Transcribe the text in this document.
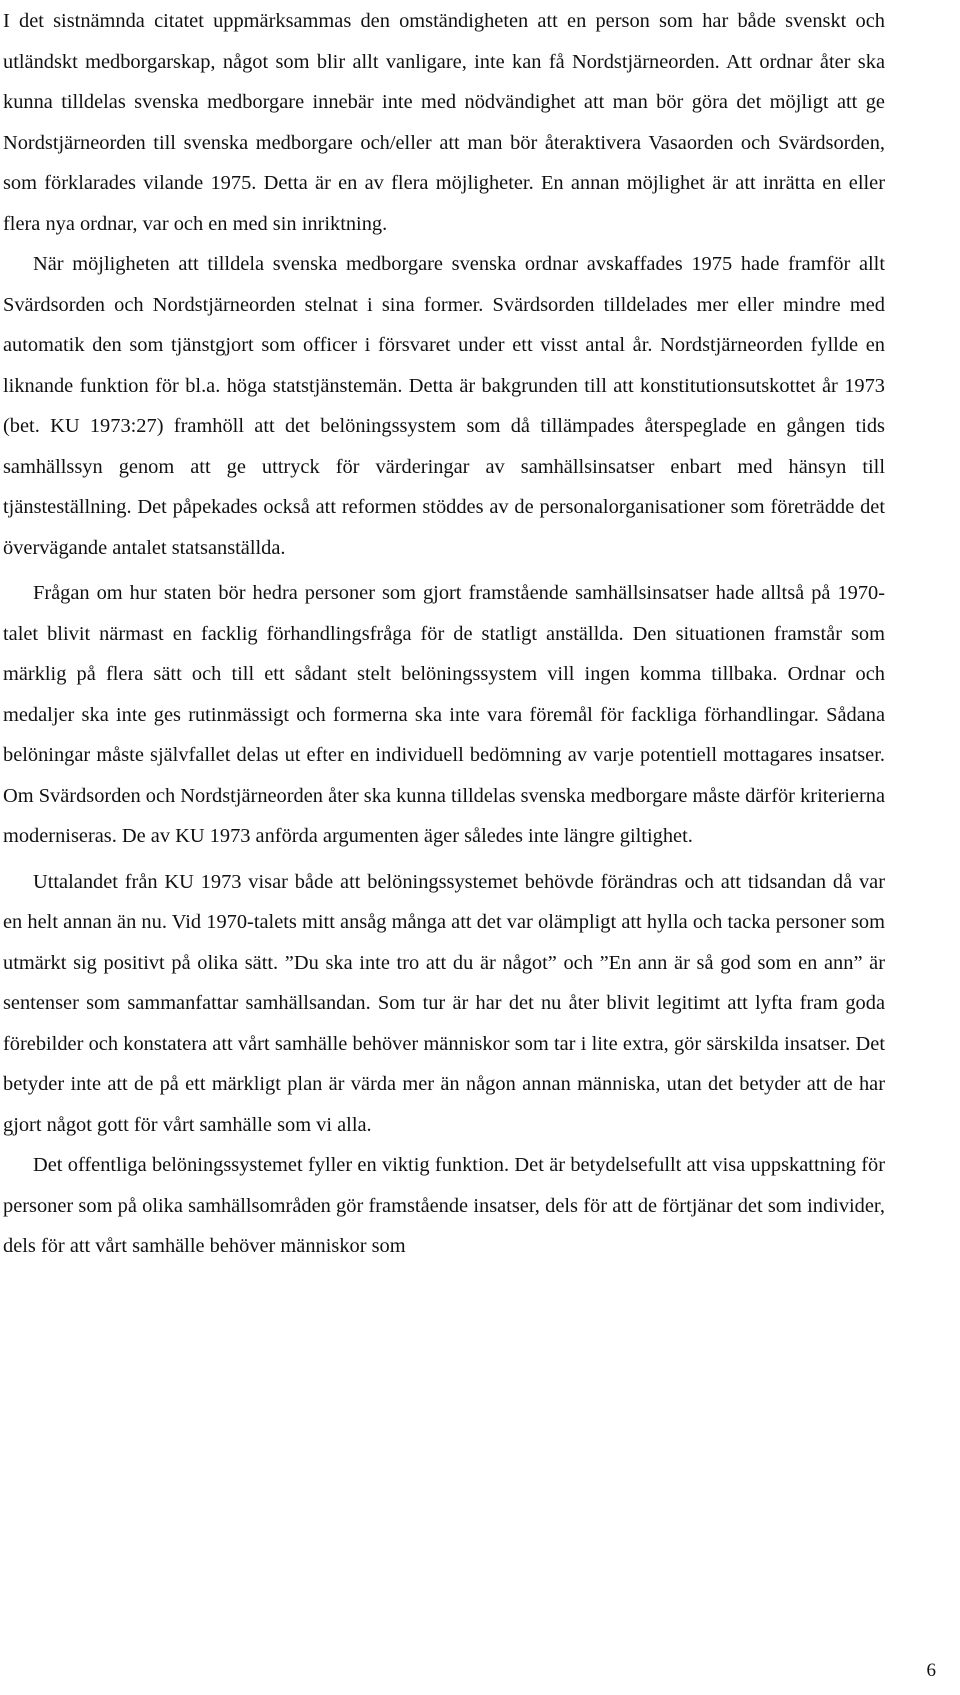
I det sistnämnda citatet uppmärksammas den omständigheten att en person som har både svenskt och utländskt medborgarskap, något som blir allt vanligare, inte kan få Nordstjärneorden. Att ordnar åter ska kunna tilldelas svenska medborgare innebär inte med nödvändighet att man bör göra det möjligt att ge Nordstjärneorden till svenska medborgare och/eller att man bör återaktivera Vasaorden och Svärdsorden, som förklarades vilande 1975. Detta är en av flera möjligheter. En annan möjlighet är att inrätta en eller flera nya ordnar, var och en med sin inriktning.

När möjligheten att tilldela svenska medborgare svenska ordnar avskaffades 1975 hade framför allt Svärdsorden och Nordstjärneorden stelnat i sina former. Svärdsorden tilldelades mer eller mindre med automatik den som tjänstgjort som officer i försvaret under ett visst antal år. Nordstjärneorden fyllde en liknande funktion för bl.a. höga statstjänstemän. Detta är bakgrunden till att konstitutionsutskottet år 1973 (bet. KU 1973:27) framhöll att det belöningssystem som då tillämpades återspeglade en gången tids samhällssyn genom att ge uttryck för värderingar av samhällsinsatser enbart med hänsyn till tjänsteställning. Det påpekades också att reformen stöddes av de personalorganisationer som företrädde det övervägande antalet statsanställda.

Frågan om hur staten bör hedra personer som gjort framstående samhällsinsatser hade alltså på 1970-talet blivit närmast en facklig förhandlingsfråga för de statligt anställda. Den situationen framstår som märklig på flera sätt och till ett sådant stelt belöningssystem vill ingen komma tillbaka. Ordnar och medaljer ska inte ges rutinmässigt och formerna ska inte vara föremål för fackliga förhandlingar. Sådana belöningar måste självfallet delas ut efter en individuell bedömning av varje potentiell mottagares insatser. Om Svärdsorden och Nordstjärneorden åter ska kunna tilldelas svenska medborgare måste därför kriterierna moderniseras. De av KU 1973 anförda argumenten äger således inte längre giltighet.

Uttalandet från KU 1973 visar både att belöningssystemet behövde förändras och att tidsandan då var en helt annan än nu. Vid 1970-talets mitt ansåg många att det var olämpligt att hylla och tacka personer som utmärkt sig positivt på olika sätt. ”Du ska inte tro att du är något” och ”En ann är så god som en ann” är sentenser som sammanfattar samhällsandan. Som tur är har det nu åter blivit legitimt att lyfta fram goda förebilder och konstatera att vårt samhälle behöver människor som tar i lite extra, gör särskilda insatser. Det betyder inte att de på ett märkligt plan är värda mer än någon annan människa, utan det betyder att de har gjort något gott för vårt samhälle som vi alla.

Det offentliga belöningssystemet fyller en viktig funktion. Det är betydelsefullt att visa uppskattning för personer som på olika samhällsområden gör framstående insatser, dels för att de förtjänar det som individer, dels för att vårt samhälle behöver människor som

6
